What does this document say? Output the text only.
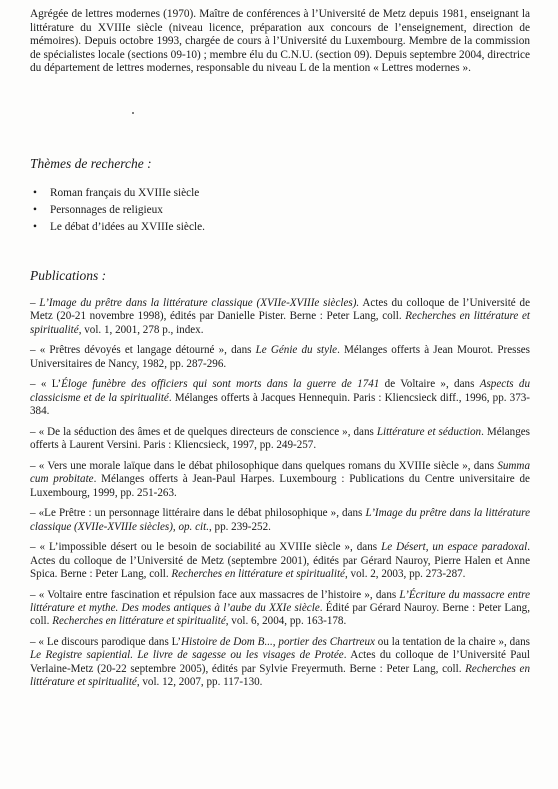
Agrégée de lettres modernes (1970). Maître de conférences à l’Université de Metz depuis 1981, enseignant la littérature du XVIIIe siècle (niveau licence, préparation aux concours de l’enseignement, direction de mémoires). Depuis octobre 1993, chargée de cours à l’Université du Luxembourg. Membre de la commission de spécialistes locale (sections 09-10) ; membre élu du C.N.U. (section 09). Depuis septembre 2004, directrice du département de lettres modernes, responsable du niveau L de la mention « Lettres modernes ».

Thèmes de recherche :
• Roman français du XVIIIe siècle
• Personnages de religieux
• Le débat d’idées au XVIIIe siècle.
Publications :
– L’Image du prêtre dans la littérature classique (XVIIe-XVIIIe siècles). Actes du colloque de l’Université de Metz (20-21 novembre 1998), édités par Danielle Pister. Berne : Peter Lang, coll. Recherches en littérature et spiritualité, vol. 1, 2001, 278 p., index.
– « Prêtres dévoyés et langage détourné », dans Le Génie du style. Mélanges offerts à Jean Mourot. Presses Universitaires de Nancy, 1982, pp. 287-296.
– « L’Éloge funèbre des officiers qui sont morts dans la guerre de 1741 de Voltaire », dans Aspects du classicisme et de la spiritualité. Mélanges offerts à Jacques Hennequin. Paris : Kliencsieck diff., 1996, pp. 373-384.
– « De la séduction des âmes et de quelques directeurs de conscience », dans Littérature et séduction. Mélanges offerts à Laurent Versini. Paris : Kliencsieck, 1997, pp. 249-257.
– « Vers une morale laïque dans le débat philosophique dans quelques romans du XVIIIe siècle », dans Summa cum probitate. Mélanges offerts à Jean-Paul Harpes. Luxembourg : Publications du Centre universitaire de Luxembourg, 1999, pp. 251-263.
– «Le Prêtre : un personnage littéraire dans le débat philosophique », dans L’Image du prêtre dans la littérature classique (XVIIe-XVIIIe siècles), op. cit., pp. 239-252.
– « L’impossible désert ou le besoin de sociabilité au XVIIIe siècle », dans Le Désert, un espace paradoxal. Actes du colloque de l’Université de Metz (septembre 2001), édités par Gérard Nauroy, Pierre Halen et Anne Spica. Berne : Peter Lang, coll. Recherches en littérature et spiritualité, vol. 2, 2003, pp. 273-287.
– « Voltaire entre fascination et répulsion face aux massacres de l’histoire », dans L’Écriture du massacre entre littérature et mythe. Des modes antiques à l’aube du XXIe siècle. Édité par Gérard Nauroy. Berne : Peter Lang, coll. Recherches en littérature et spiritualité, vol. 6, 2004, pp. 163-178.
– « Le discours parodique dans L’Histoire de Dom B..., portier des Chartreux ou la tentation de la chaire », dans Le Registre sapiential. Le livre de sagesse ou les visages de Protée. Actes du colloque de l’Université Paul Verlaine-Metz (20-22 septembre 2005), édités par Sylvie Freyermuth. Berne : Peter Lang, coll. Recherches en littérature et spiritualité, vol. 12, 2007, pp. 117-130.
